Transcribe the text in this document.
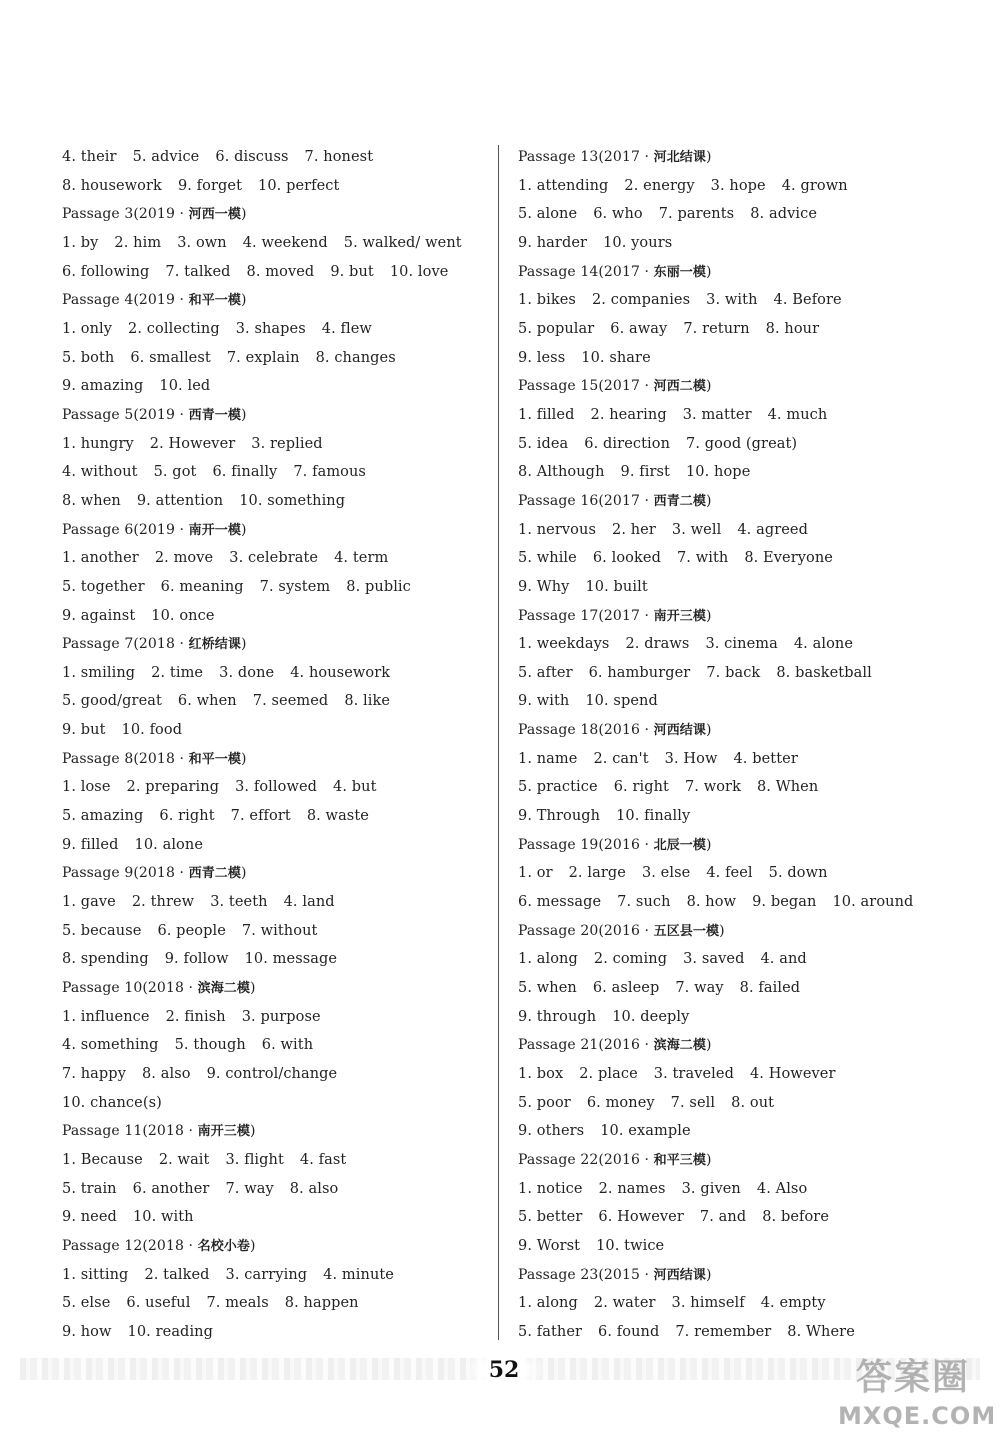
4. their 5. advice 6. discuss 7. honest
8. housework 9. forget 10. perfect
Passage 3(2019 · 河西一模)
1. by 2. him 3. own 4. weekend 5. walked/ went
6. following 7. talked 8. moved 9. but 10. love
Passage 4(2019 · 和平一模)
1. only 2. collecting 3. shapes 4. flew
5. both 6. smallest 7. explain 8. changes
9. amazing 10. led
Passage 5(2019 · 西青一模)
1. hungry 2. However 3. replied
4. without 5. got 6. finally 7. famous
8. when 9. attention 10. something
Passage 6(2019 · 南开一模)
1. another 2. move 3. celebrate 4. term
5. together 6. meaning 7. system 8. public
9. against 10. once
Passage 7(2018 · 红桥结课)
1. smiling 2. time 3. done 4. housework
5. good/great 6. when 7. seemed 8. like
9. but 10. food
Passage 8(2018 · 和平一模)
1. lose 2. preparing 3. followed 4. but
5. amazing 6. right 7. effort 8. waste
9. filled 10. alone
Passage 9(2018 · 西青二模)
1. gave 2. threw 3. teeth 4. land
5. because 6. people 7. without
8. spending 9. follow 10. message
Passage 10(2018 · 滨海二模)
1. influence 2. finish 3. purpose
4. something 5. though 6. with
7. happy 8. also 9. control/change
10. chance(s)
Passage 11(2018 · 南开三模)
1. Because 2. wait 3. flight 4. fast
5. train 6. another 7. way 8. also
9. need 10. with
Passage 12(2018 · 名校小卷)
1. sitting 2. talked 3. carrying 4. minute
5. else 6. useful 7. meals 8. happen
9. how 10. reading
Passage 13(2017 · 河北结课)
1. attending 2. energy 3. hope 4. grown
5. alone 6. who 7. parents 8. advice
9. harder 10. yours
Passage 14(2017 · 东丽一模)
1. bikes 2. companies 3. with 4. Before
5. popular 6. away 7. return 8. hour
9. less 10. share
Passage 15(2017 · 河西二模)
1. filled 2. hearing 3. matter 4. much
5. idea 6. direction 7. good (great)
8. Although 9. first 10. hope
Passage 16(2017 · 西青二模)
1. nervous 2. her 3. well 4. agreed
5. while 6. looked 7. with 8. Everyone
9. Why 10. built
Passage 17(2017 · 南开三模)
1. weekdays 2. draws 3. cinema 4. alone
5. after 6. hamburger 7. back 8. basketball
9. with 10. spend
Passage 18(2016 · 河西结课)
1. name 2. can't 3. How 4. better
5. practice 6. right 7. work 8. When
9. Through 10. finally
Passage 19(2016 · 北辰一模)
1. or 2. large 3. else 4. feel 5. down
6. message 7. such 8. how 9. began 10. around
Passage 20(2016 · 五区县一模)
1. along 2. coming 3. saved 4. and
5. when 6. asleep 7. way 8. failed
9. through 10. deeply
Passage 21(2016 · 滨海二模)
1. box 2. place 3. traveled 4. However
5. poor 6. money 7. sell 8. out
9. others 10. example
Passage 22(2016 · 和平三模)
1. notice 2. names 3. given 4. Also
5. better 6. However 7. and 8. before
9. Worst 10. twice
Passage 23(2015 · 河西结课)
1. along 2. water 3. himself 4. empty
5. father 6. found 7. remember 8. Where
52	答案圈
MXQE.COM
